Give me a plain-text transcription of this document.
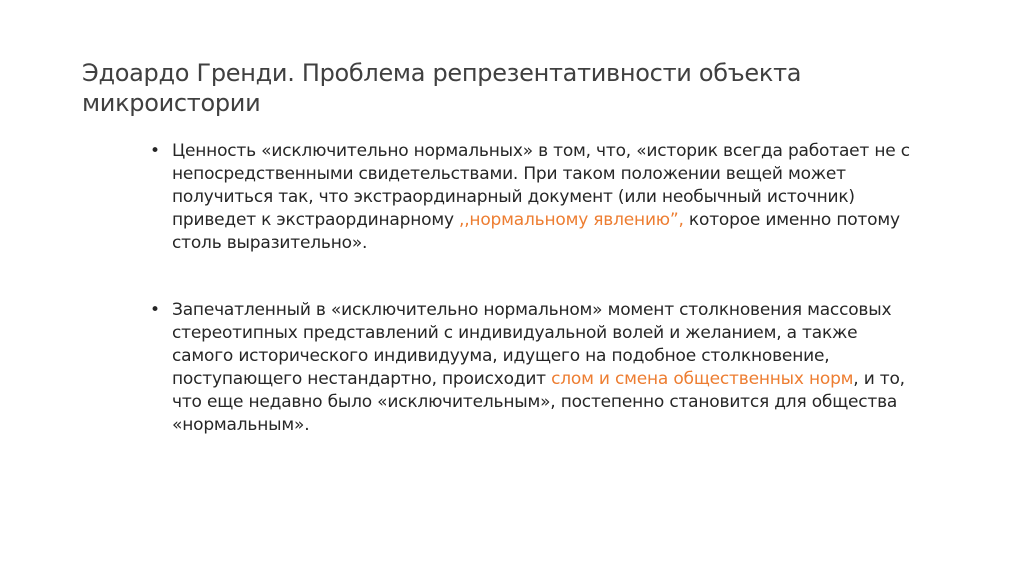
Эдоардо Гренди. Проблема репрезентативности объекта микроистории
• Ценность «исключительно нормальных» в том, что, «историк всегда работает не с непосредственными свидетельствами. При таком положении вещей может получиться так, что экстраординарный документ (или необычный источник) приведет к экстраординарному ,,нормальному явлению”, которое именно потому столь выразительно».
• Запечатленный в «исключительно нормальном» момент столкновения массовых стереотипных представлений с индивидуальной волей и желанием, а также самого исторического индивидуума, идущего на подобное столкновение, поступающего нестандартно, происходит слом и смена общественных норм, и то, что еще недавно было «исключительным», постепенно становится для общества «нормальным».
